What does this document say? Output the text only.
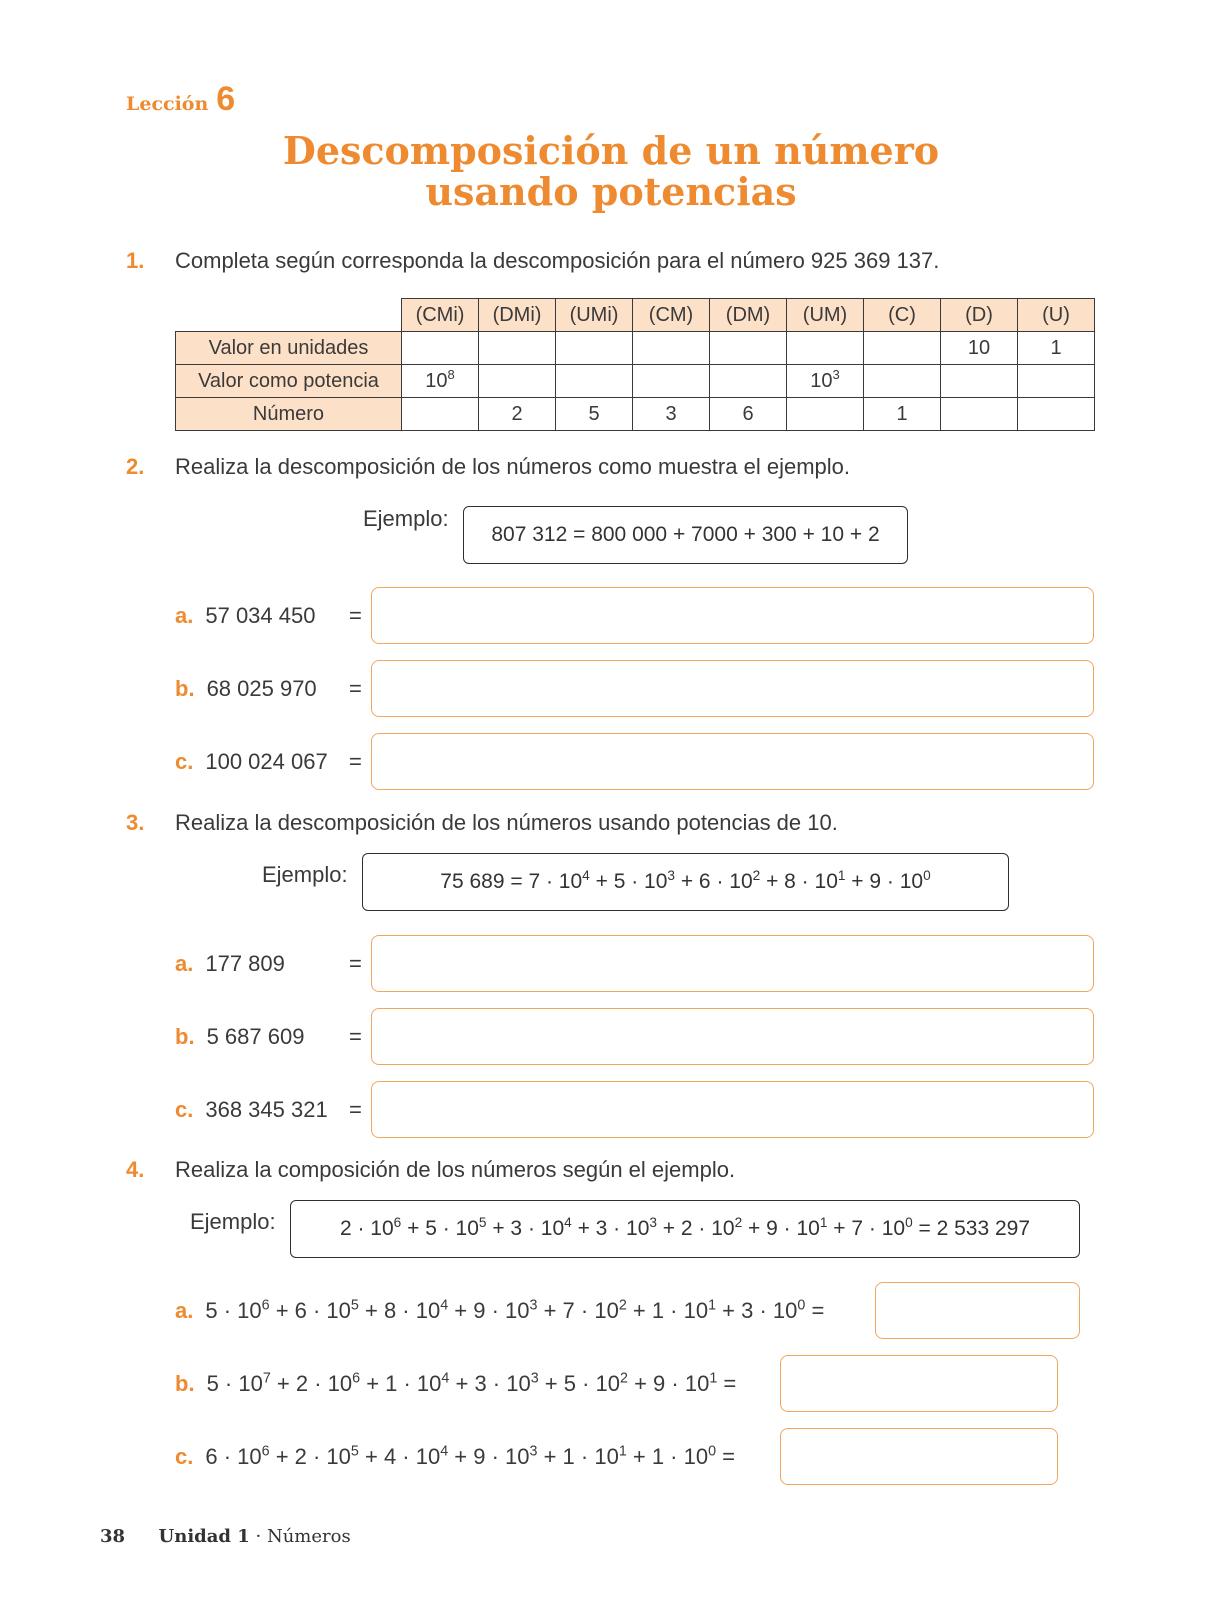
Lección 6
Descomposición de un número
usando potencias
1. Completa según corresponda la descomposición para el número 925 369 137.
	(CMi)	(DMi)	(UMi)	(CM)	(DM)	(UM)	(C)	(D)	(U)
Valor en unidades								10	1
Valor como potencia	$10^8$					$10^3$			
Número		2	5	3	6		1		
2. Realiza la descomposición de los números como muestra el ejemplo.
Ejemplo:
807 312 = 800 000 + 7000 + 300 + 10 + 2
a. 57 034 450 =
b. 68 025 970 =
c. 100 024 067 =
3. Realiza la descomposición de los números usando potencias de 10.
Ejemplo:	75 $689 = 7 \cdot 10^4 + 5 \cdot 10^3 + 6 \cdot 10^2 + 8 \cdot 10^1 + 9 \cdot 10^0$
a. 177 809	=
b. 5 687 609 =
c. 368 345 321 =
4. Realiza la composición de los números según el ejemplo.
Ejemplo:	$2 \cdot 10^6 + 5 \cdot 10^5 + 3 \cdot 10^4 + 3 \cdot 10^3 + 2 \cdot 10^2 + 9 \cdot 10^1 + 7 \cdot 10^0 = 2$ 533 297
a. $5 \cdot 10^6 + 6 \cdot 10^5 + 8 \cdot 10^4 + 9 \cdot 10^3 + 7 \cdot 10^2 + 1 \cdot 10^1 + 3 \cdot 10^0$ =
b. $5 \cdot 10^7 + 2 \cdot 10^6 + 1 \cdot 10^4 + 3 \cdot 10^3 + 5 \cdot 10^2 + 9 \cdot 10^1$ =
c. $6 \cdot 10^6 + 2 \cdot 10^5 + 4 \cdot 10^4 + 9 \cdot 10^3 + 1 \cdot 10^1 + 1 \cdot 10^0$ =
38 Unidad 1 · Números
